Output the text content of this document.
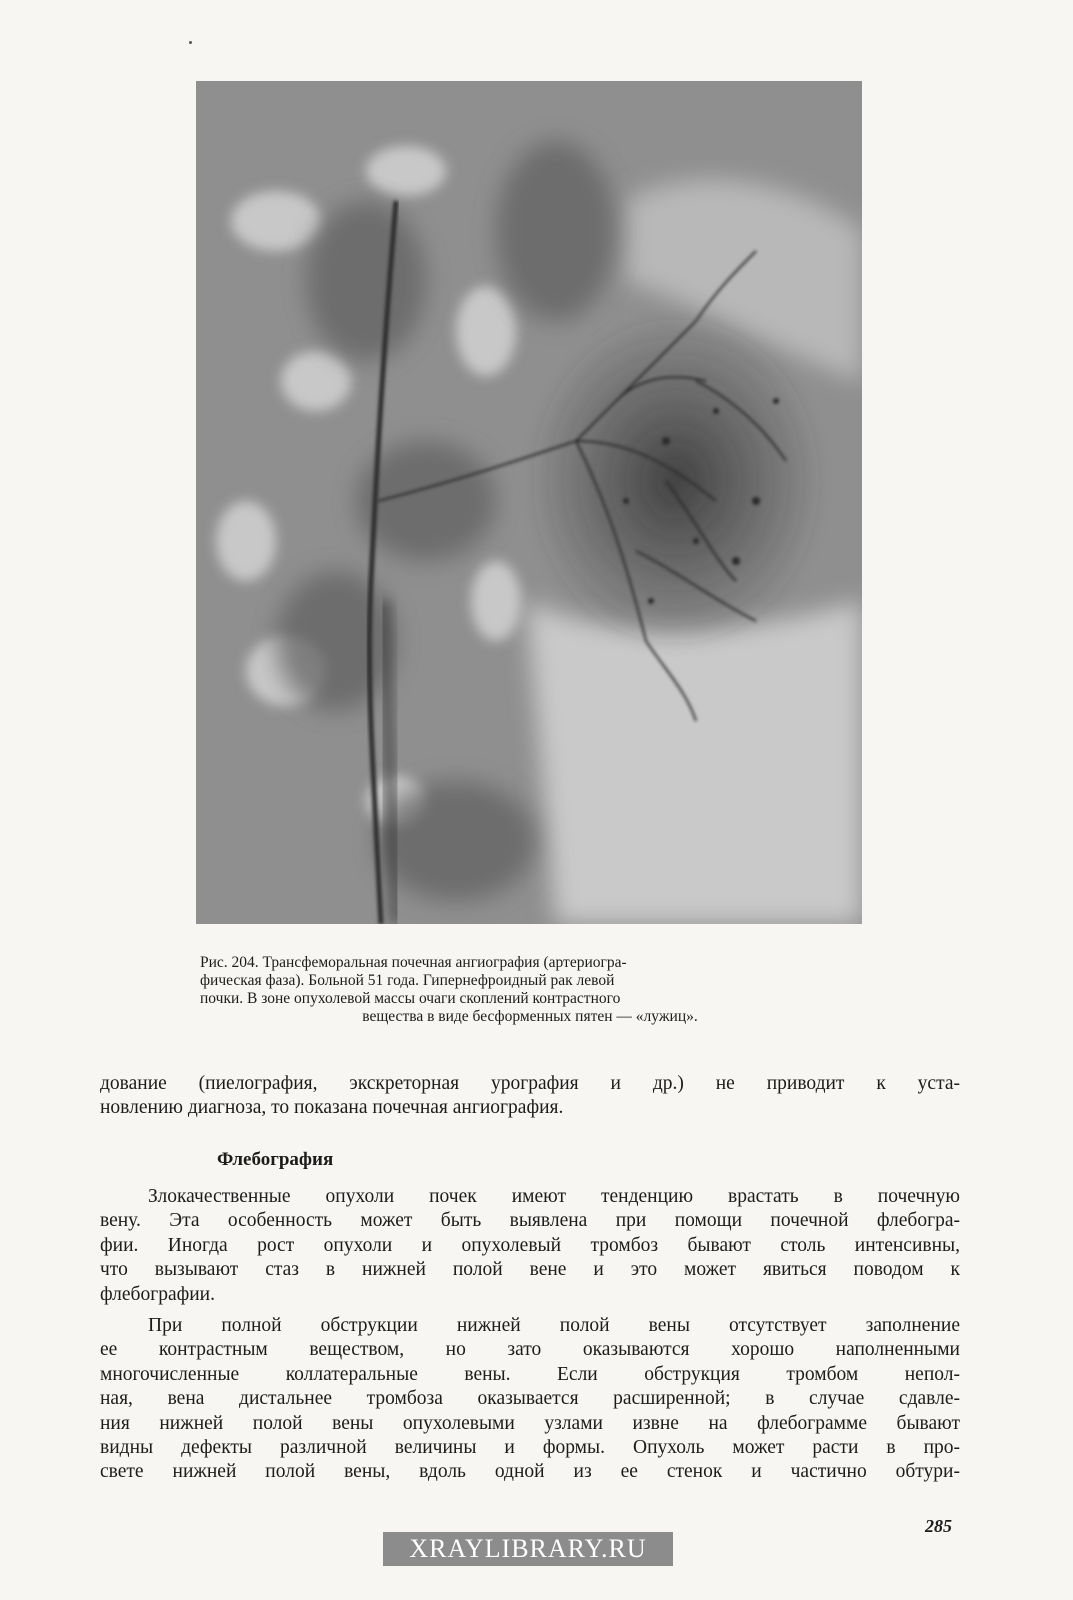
Рис. 204. Трансфеморальная почечная ангиография (артериогра-
фическая фаза). Больной 51 года. Гипернефроидный рак левой
почки. В зоне опухолевой массы очаги скоплений контрастного
вещества в виде бесформенных пятен — «лужиц».
дование (пиелография, экскреторная урография и др.) не приводит к уста-
новлению диагноза, то показана почечная ангиография.
Флебография
Злокачественные опухоли почек имеют тенденцию врастать в почечную
вену. Эта особенность может быть выявлена при помощи почечной флебогра-
фии. Иногда рост опухоли и опухолевый тромбоз бывают столь интенсивны,
что вызывают стаз в нижней полой вене и это может явиться поводом к
флебографии.
При полной обструкции нижней полой вены отсутствует заполнение
ее контрастным веществом, но зато оказываются хорошо наполненными
многочисленные коллатеральные вены. Если обструкция тромбом непол-
ная, вена дистальнее тромбоза оказывается расширенной; в случае сдавле-
ния нижней полой вены опухолевыми узлами извне на флебограмме бывают
видны дефекты различной величины и формы. Опухоль может расти в про-
свете нижней полой вены, вдоль одной из ее стенок и частично обтури-
285
XRAYLIBRARY.RU
